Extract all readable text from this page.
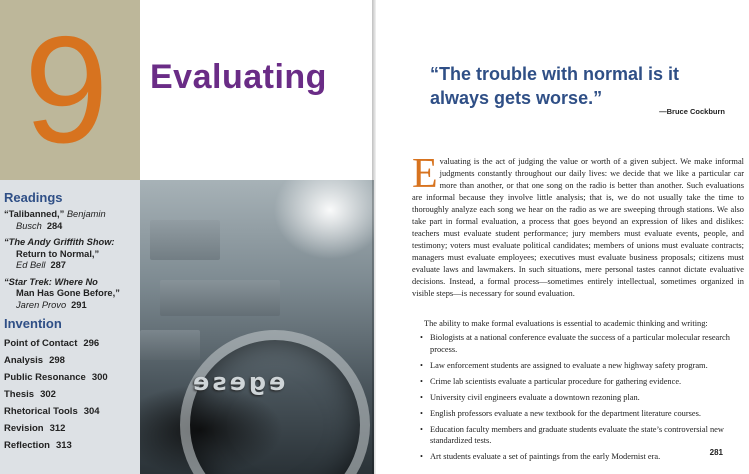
9 Evaluating
Readings
“Talibanned,” Benjamin
Busch 284
“The Andy Griffith Show:
Return to Normal,”
Ed Bell 287
“Star Trek: Where No
Man Has Gone Before,”
Jaren Provo 291
Invention
Point of Contact 296
Analysis 298
Public Resonance 300
Thesis 302
Rhetorical Tools 304
Revision 312
Reflection 313
egese
“The trouble with normal is it always gets worse.”
—Bruce Cockburn

Evaluating is the act of judging the value or worth of a given subject. We make informal judgments constantly throughout our daily lives: we decide that we like a particular car more than another, or that one song on the radio is better than another. Such evaluations are informal because they involve little analysis; that is, we do not usually take the time to thoroughly analyze each song we hear on the radio as we are sweeping through stations. We also take part in formal evaluation, a process that goes beyond an expression of likes and dislikes: teachers must evaluate student performance; jury members must evaluate events, people, and testimony; voters must evaluate political candidates; members of unions must evaluate contracts; managers must evaluate employees; executives must evaluate business proposals; citizens must evaluate laws and lawmakers. In such situations, mere personal tastes cannot dictate evaluative decisions. Instead, a formal process—sometimes entirely intellectual, sometimes organized in visible steps—is necessary for sound evaluation.

The ability to make formal evaluations is essential to academic thinking and writing:

• Biologists at a national conference evaluate the success of a particular molecular research process.
• Law enforcement students are assigned to evaluate a new highway safety program.
• Crime lab scientists evaluate a particular procedure for gathering evidence.
• University civil engineers evaluate a downtown rezoning plan.
• English professors evaluate a new textbook for the department literature courses.
• Education faculty members and graduate students evaluate the state’s controversial new standardized tests.
• Art students evaluate a set of paintings from the early Modernist era.	281
